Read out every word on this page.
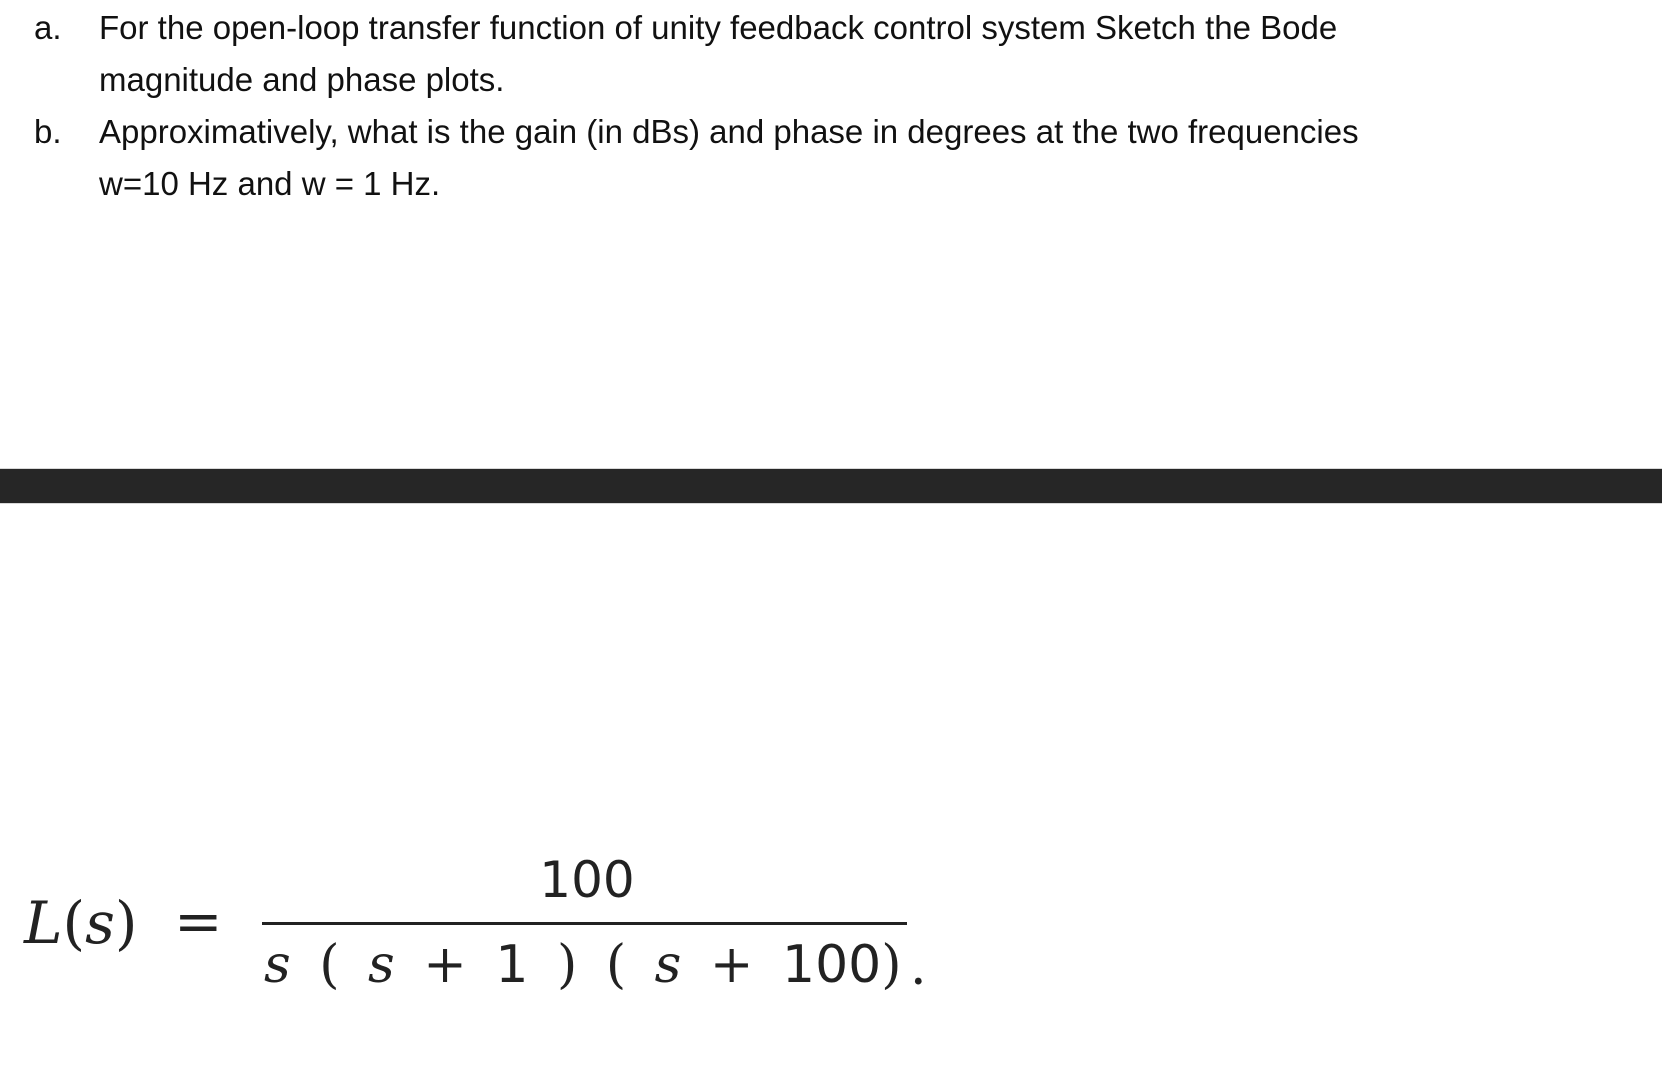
a. For the open-loop transfer function of unity feedback control system Sketch the Bode
magnitude and phase plots.
b. Approximatively, what is the gain (in dBs) and phase in degrees at the two frequencies
w=10 Hz and w = 1 Hz.
L(s) =
100
s ( s + 1 ) ( s + 100) .
